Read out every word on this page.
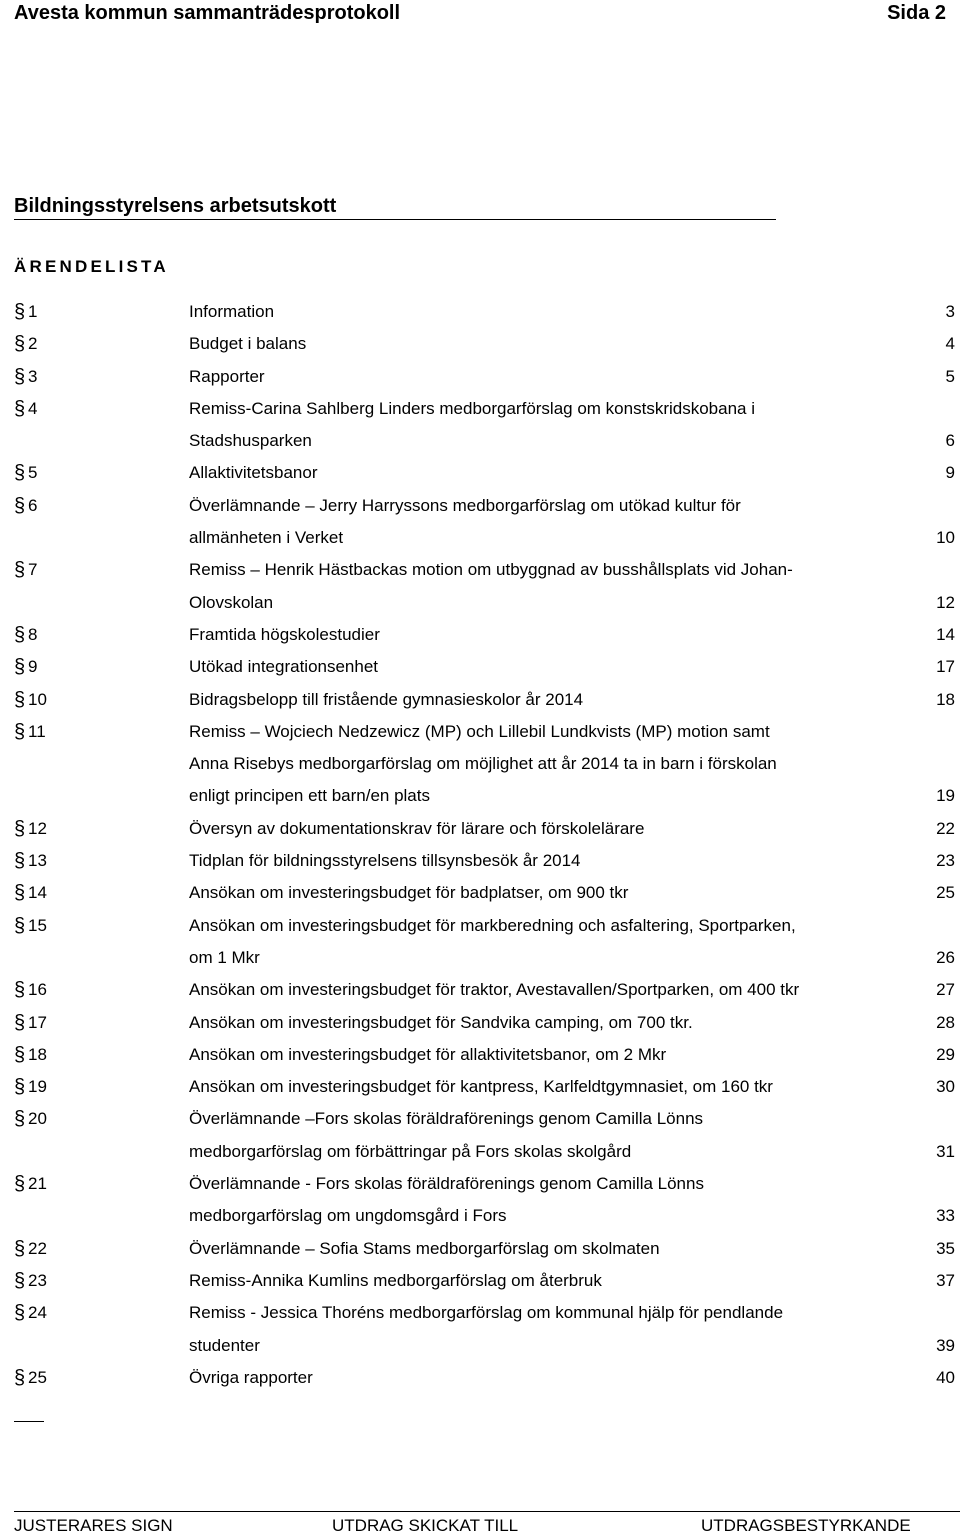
Avesta kommun sammanträdesprotokoll	Sida 2
Bildningsstyrelsens arbetsutskott
ÄRENDELISTA
§ 1	Information	3
§ 2	Budget i balans	4
§ 3	Rapporter	5
§ 4	Remiss-Carina Sahlberg Linders medborgarförslag om konstskridskobana i
Stadshusparken	6
§ 5	Allaktivitetsbanor	9
§ 6	Överlämnande – Jerry Harryssons medborgarförslag om utökad kultur för
allmänheten i Verket	10
§ 7	Remiss – Henrik Hästbackas motion om utbyggnad av busshållsplats vid Johan-
Olovskolan	12
§ 8	Framtida högskolestudier	14
§ 9	Utökad integrationsenhet	17
§ 10	Bidragsbelopp till fristående gymnasieskolor år 2014	18
§ 11	Remiss – Wojciech Nedzewicz (MP) och Lillebil Lundkvists (MP) motion samt
Anna Risebys medborgarförslag om möjlighet att år 2014 ta in barn i förskolan
enligt principen ett barn/en plats	19
§ 12	Översyn av dokumentationskrav för lärare och förskolelärare	22
§ 13	Tidplan för bildningsstyrelsens tillsynsbesök år 2014	23
§ 14	Ansökan om investeringsbudget för badplatser, om 900 tkr	25
§ 15	Ansökan om investeringsbudget för markberedning och asfaltering, Sportparken,
om 1 Mkr	26
§ 16	Ansökan om investeringsbudget för traktor, Avestavallen/Sportparken, om 400 tkr	27
§ 17	Ansökan om investeringsbudget för Sandvika camping, om 700 tkr.	28
§ 18	Ansökan om investeringsbudget för allaktivitetsbanor, om 2 Mkr	29
§ 19	Ansökan om investeringsbudget för kantpress, Karlfeldtgymnasiet, om 160 tkr	30
§ 20	Överlämnande –Fors skolas föräldraförenings genom Camilla Lönns
medborgarförslag om förbättringar på Fors skolas skolgård	31
§ 21	Överlämnande - Fors skolas föräldraförenings genom Camilla Lönns
medborgarförslag om ungdomsgård i Fors	33
§ 22	Överlämnande – Sofia Stams medborgarförslag om skolmaten	35
§ 23	Remiss-Annika Kumlins medborgarförslag om återbruk	37
§ 24	Remiss - Jessica Thoréns medborgarförslag om kommunal hjälp för pendlande
studenter	39
§ 25	Övriga rapporter	40
JUSTERARES SIGN	UTDRAG SKICKAT TILL	UTDRAGSBESTYRKANDE
